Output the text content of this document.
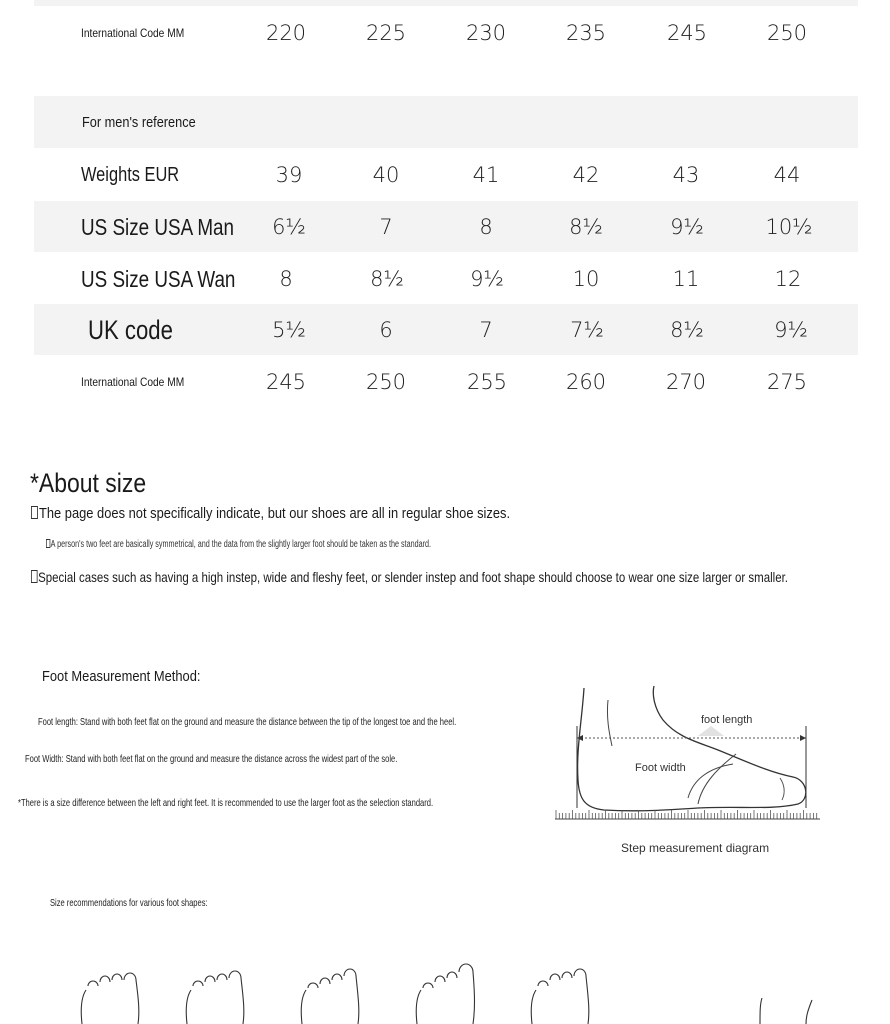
International Code MM	220	225	230	235	245	250
For men's reference
Weights EUR	39	40	41	42	43	44
US Size USA Man	6½	7	8	8½	9½	10½
US Size USA Wan	8	8½	9½	10	11	12
UK code	5½	6	7	7½	8½	9½
International Code MM	245	250	255	260	270	275
*About size
The page does not specifically indicate, but our shoes are all in regular shoe sizes.
A person's two feet are basically symmetrical, and the data from the slightly larger foot should be taken as the standard.
Special cases such as having a high instep, wide and fleshy feet, or slender instep and foot shape should choose to wear one size larger or smaller.
Foot Measurement Method:
Foot length: Stand with both feet flat on the ground and measure the distance between the tip of the longest toe and the heel.
Foot Width: Stand with both feet flat on the ground and measure the distance across the widest part of the sole.
*There is a size difference between the left and right feet. It is recommended to use the larger foot as the selection standard.
foot length
Foot width
Step measurement diagram
Size recommendations for various foot shapes:
